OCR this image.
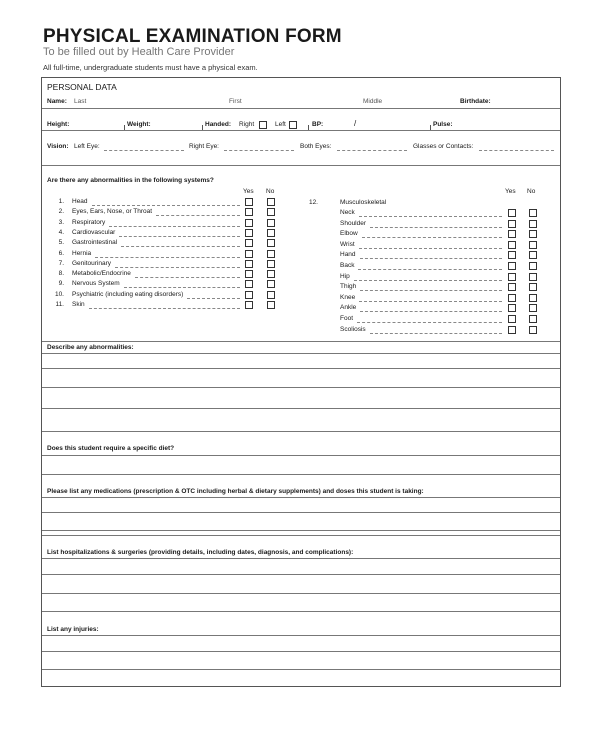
PHYSICAL EXAMINATION FORM
To be filled out by Health Care Provider
All full-time, undergraduate students must have a physical exam.
PERSONAL DATA
Name: Last	First	Middle	Birthdate:
Height:	Weight:	Handed: Right	Left	BP:	/	Pulse:
Vision: Left Eye:	Right Eye:	Both Eyes:	Glasses or Contacts:
Are there any abnormalities in the following systems?
Yes No	Yes No
1. Head
2. Eyes, Ears, Nose, or Throat
3. Respiratory
4. Cardiovascular
5. Gastrointestinal
6. Hernia
7. Genitourinary
8. Metabolic/Endocrine
9. Nervous System
10. Psychiatric (including eating disorders)
11. Skin
12.	Musculoskeletal
Neck
Shoulder
Elbow
Wrist
Hand
Back
Hip
Thigh
Knee
Ankle
Foot
Scoliosis
Describe any abnormalities:
Does this student require a specific diet?
Please list any medications (prescription & OTC including herbal & dietary supplements) and doses this student is taking:
List hospitalizations & surgeries (providing details, including dates, diagnosis, and complications):
List any injuries:
